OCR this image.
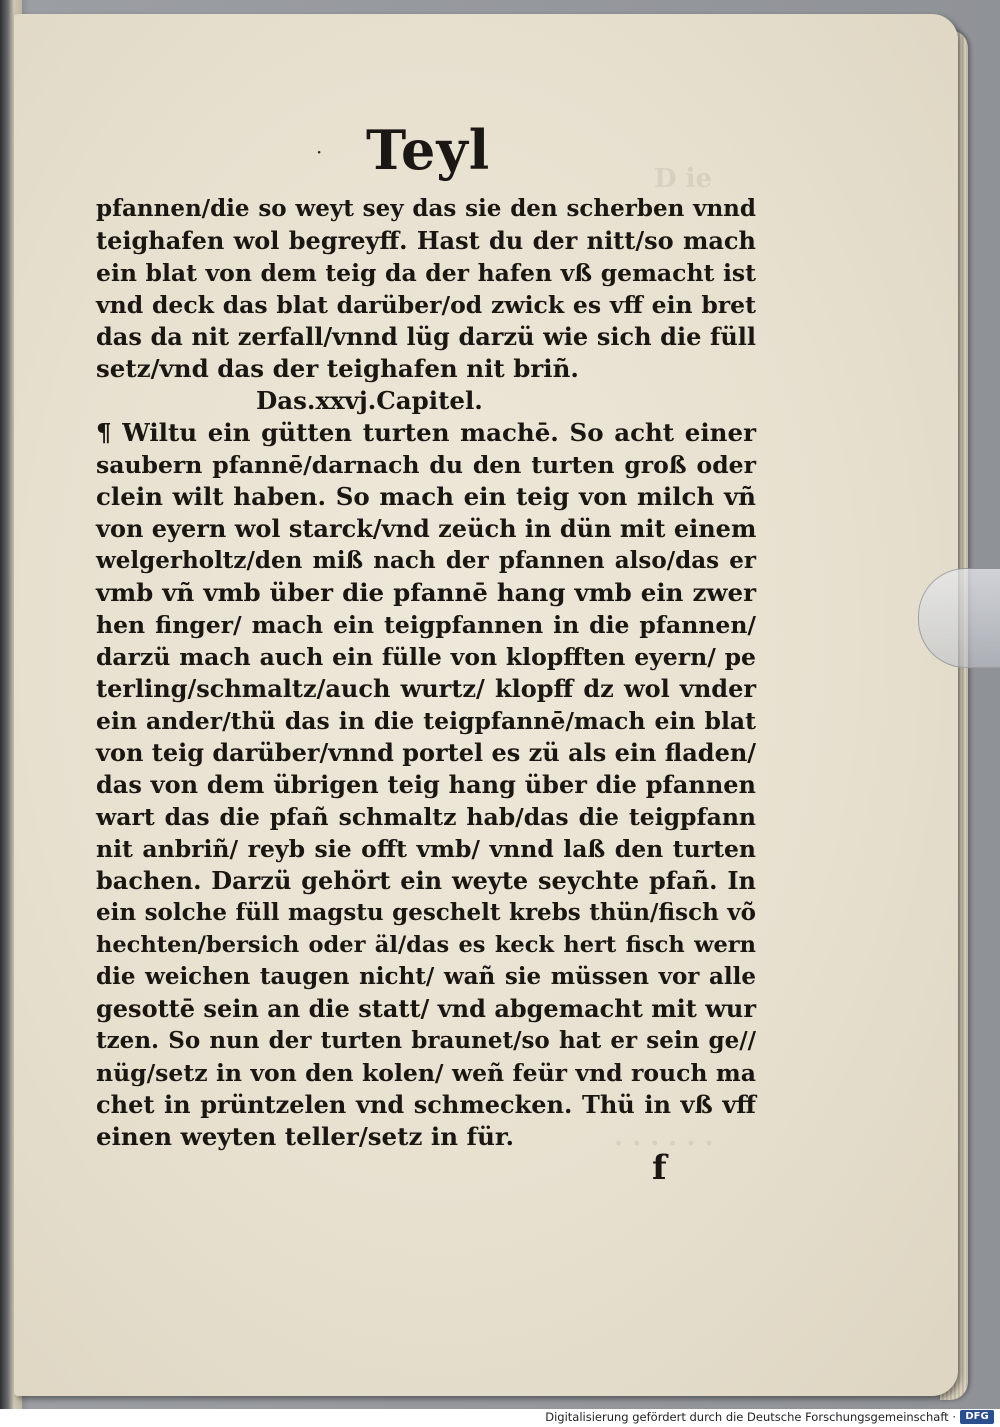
D ie
· · · · · ·
Teyl
·
pfannen/die so weyt sey das sie den scherben vnnd
teighafen wol begreyff. Hast du der nitt/so mach
ein blat von dem teig da der hafen vß gemacht ist
vnd deck das blat darüber/od zwick es vff ein bret
das da nit zerfall/vnnd lüg darzü wie sich die füll
setz/vnd das der teighafen nit briñ.
Das.xxvj.Capitel.
¶ Wiltu ein gütten turten machē. So acht einer
saubern pfannē/darnach du den turten groß oder
clein wilt haben. So mach ein teig von milch vñ
von eyern wol starck/vnd zeüch in dün mit einem
welgerholtz/den miß nach der pfannen also/das er
vmb vñ vmb über die pfannē hang vmb ein zwer
hen finger/ mach ein teigpfannen in die pfannen/
darzü mach auch ein fülle von klopfften eyern/ pe
terling/schmaltz/auch wurtz/ klopff dz wol vnder
ein ander/thü das in die teigpfannē/mach ein blat
von teig darüber/vnnd portel es zü als ein fladen/
das von dem übrigen teig hang über die pfannen
wart das die pfañ schmaltz hab/das die teigpfann
nit anbriñ/ reyb sie offt vmb/ vnnd laß den turten
bachen. Darzü gehört ein weyte seychte pfañ. In
ein solche füll magstu geschelt krebs thün/fisch võ
hechten/bersich oder äl/das es keck hert fisch wern
die weichen taugen nicht/ wañ sie müssen vor alle
gesottē sein an die statt/ vnd abgemacht mit wur
tzen. So nun der turten braunet/so hat er sein ge//
nüg/setz in von den kolen/ weñ feür vnd rouch ma
chet in prüntzelen vnd schmecken. Thü in vß vff
einen weyten teller/setz in für.
f
Digitalisierung gefördert durch die Deutsche Forschungsgemeinschaft · DFG
